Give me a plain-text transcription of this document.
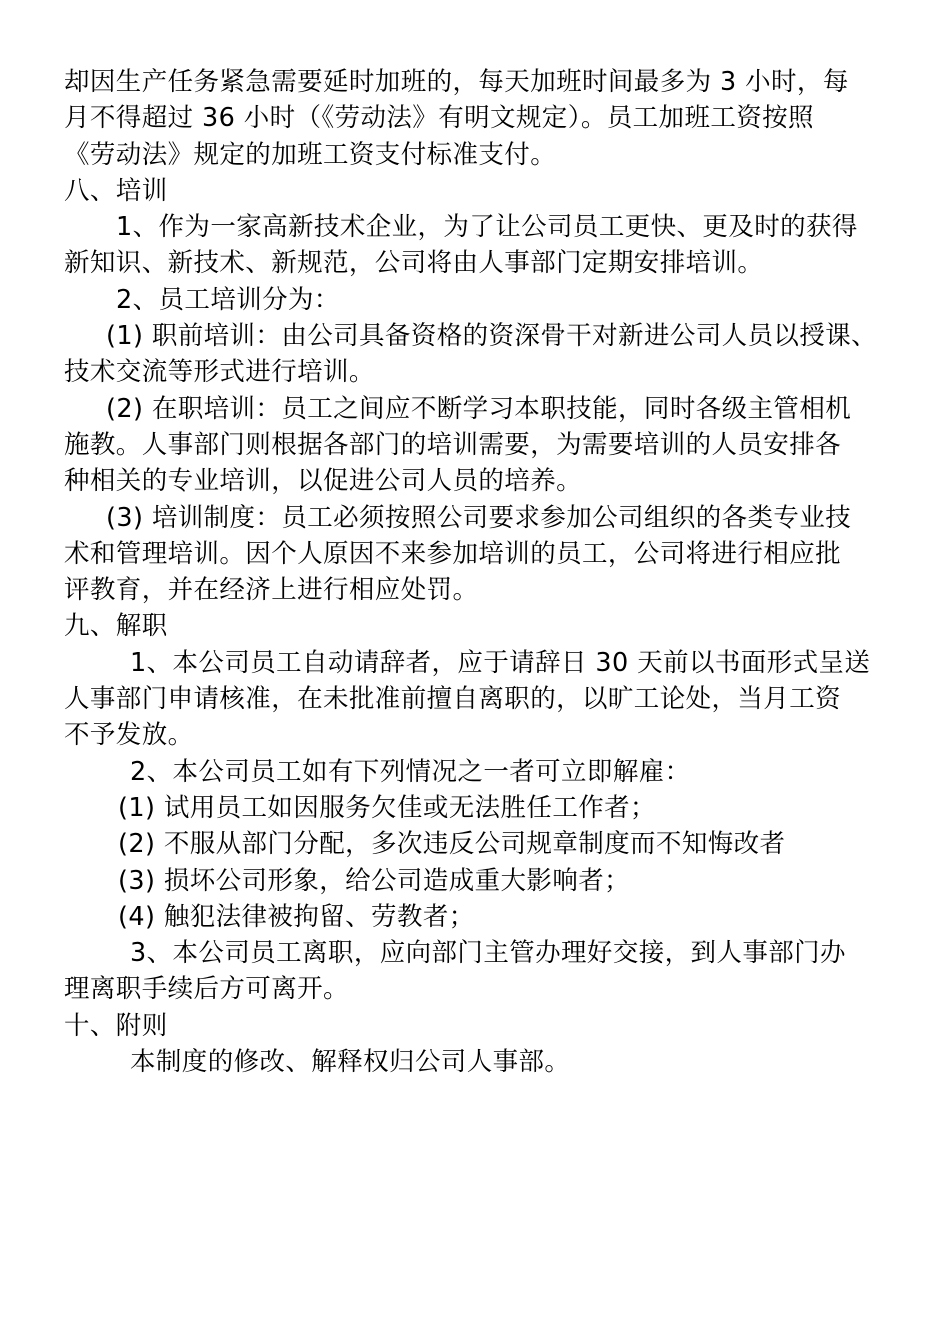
却因生产任务紧急需要延时加班的，每天加班时间最多为 3 小时，每
月不得超过 36 小时（《劳动法》有明文规定）。员工加班工资按照
《劳动法》规定的加班工资支付标准支付。
八、培训
1、作为一家高新技术企业，为了让公司员工更快、更及时的获得
新知识、新技术、新规范，公司将由人事部门定期安排培训。
2、员工培训分为：
(1) 职前培训：由公司具备资格的资深骨干对新进公司人员以授课、
技术交流等形式进行培训。
(2) 在职培训：员工之间应不断学习本职技能，同时各级主管相机
施教。人事部门则根据各部门的培训需要，为需要培训的人员安排各
种相关的专业培训，以促进公司人员的培养。
(3) 培训制度：员工必须按照公司要求参加公司组织的各类专业技
术和管理培训。因个人原因不来参加培训的员工，公司将进行相应批
评教育，并在经济上进行相应处罚。
九、解职
1、本公司员工自动请辞者，应于请辞日 30 天前以书面形式呈送
人事部门申请核准，在未批准前擅自离职的，以旷工论处，当月工资
不予发放。
2、本公司员工如有下列情况之一者可立即解雇：
(1) 试用员工如因服务欠佳或无法胜任工作者；
(2) 不服从部门分配，多次违反公司规章制度而不知悔改者
(3) 损坏公司形象，给公司造成重大影响者；
(4) 触犯法律被拘留、劳教者；
3、本公司员工离职，应向部门主管办理好交接，到人事部门办
理离职手续后方可离开。
十、附则
本制度的修改、解释权归公司人事部。
